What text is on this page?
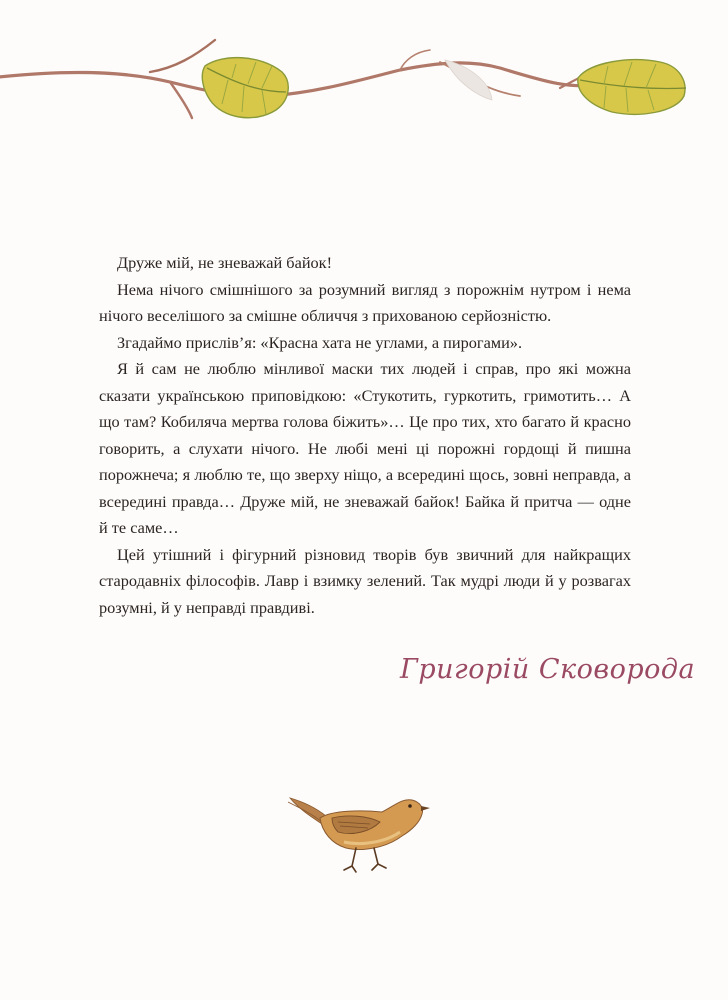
Друже мій, не зневажай байок!

Нема нічого смішнішого за розумний вигляд з порожнім нутром і нема нічого веселішого за смішне обличчя з прихованою серйозністю.

Згадаймо прислів’я: «Красна хата не углами, а пирогами».

Я й сам не люблю мінливої маски тих людей і справ, про які можна сказати українською приповідкою: «Стукотить, гуркотить, гримотить… А що там? Кобиляча мертва голова біжить»… Це про тих, хто багато й красно говорить, а слухати нічого. Не любі мені ці порожні гордощі й пишна порожнеча; я люблю те, що зверху ніщо, а всередині щось, зовні неправда, а всередині правда… Друже мій, не зневажай байок! Байка й притча — одне й те саме…

Цей утішний і фігурний різновид творів був звичний для найкращих стародавніх філософів. Лавр і взимку зелений. Так мудрі люди й у розвагах розумні, й у неправді правдиві.

Григорій Сковорода
